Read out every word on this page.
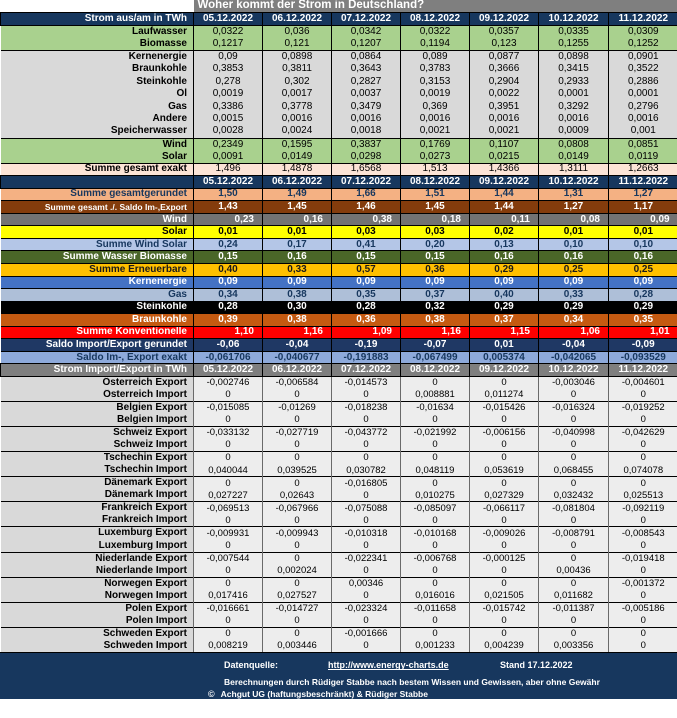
	Woher kommt der Strom in Deutschland?						
Strom aus/am in TWh	05.12.2022	06.12.2022	07.12.2022	08.12.2022	09.12.2022	10.12.2022	11.12.2022
Laufwasser	0,0322	0,036	0,0342	0,0322	0,0357	0,0335	0,0309
Biomasse	0,1217	0,121	0,1207	0,1194	0,123	0,1255	0,1252
Kernenergie	0,09	0,0898	0,0864	0,089	0,0877	0,0898	0,0901
Braunkohle	0,3853	0,3811	0,3643	0,3783	0,3666	0,3415	0,3522
Steinkohle	0,278	0,302	0,2827	0,3153	0,2904	0,2933	0,2886
Öl	0,0019	0,0017	0,0037	0,0019	0,0022	0,0001	0,0001
Gas	0,3386	0,3778	0,3479	0,369	0,3951	0,3292	0,2796
Andere	0,0015	0,0016	0,0016	0,0016	0,0016	0,0016	0,0016
Speicherwasser	0,0028	0,0024	0,0018	0,0021	0,0021	0,0009	0,001
Wind	0,2349	0,1595	0,3837	0,1769	0,1107	0,0808	0,0851
Solar	0,0091	0,0149	0,0298	0,0273	0,0215	0,0149	0,0119
Summe gesamt exakt	1,496	1,4878	1,6568	1,513	1,4366	1,3111	1,2663
	05.12.2022	06.12.2022	07.12.2022	08.12.2022	09.12.2022	10.12.2022	11.12.2022
Summe gesamtgerundet	1,50	1,49	1,66	1,51	1,44	1,31	1,27
Summe gesamt ./. Saldo Im-,Export	1,43	1,45	1,46	1,45	1,44	1,27	1,17
Wind	0,23	0,16	0,38	0,18	0,11	0,08	0,09
Solar	0,01	0,01	0,03	0,03	0,02	0,01	0,01
Summe Wind Solar	0,24	0,17	0,41	0,20	0,13	0,10	0,10
Summe Wasser Biomasse	0,15	0,16	0,15	0,15	0,16	0,16	0,16
Summe Erneuerbare	0,40	0,33	0,57	0,36	0,29	0,25	0,25
Kernenergie	0,09	0,09	0,09	0,09	0,09	0,09	0,09
Gas	0,34	0,38	0,35	0,37	0,40	0,33	0,28
Steinkohle	0,28	0,30	0,28	0,32	0,29	0,29	0,29
Braunkohle	0,39	0,38	0,36	0,38	0,37	0,34	0,35
Summe Konventionelle	1,10	1,16	1,09	1,16	1,15	1,06	1,01
Saldo Import/Export gerundet	-0,06	-0,04	-0,19	-0,07	0,01	-0,04	-0,09
Saldo Im-, Export exakt	-0,061706	-0,040677	-0,191883	-0,067499	0,005374	-0,042065	-0,093529
Strom Import/Export in TWh	05.12.2022	06.12.2022	07.12.2022	08.12.2022	09.12.2022	10.12.2022	11.12.2022
Österreich Export	-0,002746	-0,006584	-0,014573	0	0	-0,003046	-0,004601
Österreich Import	0	0	0	0,008881	0,011274	0	0
Belgien Export	-0,015085	-0,01269	-0,018238	-0,01634	-0,015426	-0,016324	-0,019252
Belgien Import	0	0	0	0	0	0	0
Schweiz Export	-0,033132	-0,027719	-0,043772	-0,021992	-0,006156	-0,040998	-0,042629
Schweiz Import	0	0	0	0	0	0	0
Tschechin Export	0	0	0	0	0	0	0
Tschechin Import	0,040044	0,039525	0,030782	0,048119	0,053619	0,068455	0,074078
Dänemark Export	0	0	-0,016805	0	0	0	0
Dänemark Import	0,027227	0,02643	0	0,010275	0,027329	0,032432	0,025513
Frankreich Export	-0,069513	-0,067966	-0,075088	-0,085097	-0,066117	-0,081804	-0,092119
Frankreich Import	0	0	0	0	0	0	0
Luxemburg Export	-0,009931	-0,009943	-0,010318	-0,010168	-0,009026	-0,008791	-0,008543
Luxemburg Import	0	0	0	0	0	0	0
Niederlande Export	-0,007544	0	-0,022341	-0,006768	-0,000125	0	-0,019418
Niederlande Import	0	0,002024	0	0	0	0,00436	0
Norwegen Export	0	0	0,00346	0	0	0	-0,001372
Norwegen Import	0,017416	0,027527	0	0,016016	0,021505	0,011682	0
Polen Export	-0,016661	-0,014727	-0,023324	-0,011658	-0,015742	-0,011387	-0,005186
Polen Import	0	0	0	0	0	0	0
Schweden Export	0	0	-0,001666	0	0	0	0
Schweden Import	0,008219	0,003446	0	0,001233	0,004239	0,003356	0
Datenquelle:	http://www.energy-charts.de	Stand 17.12.2022
Berechnungen durch Rüdiger Stabbe nach bestem Wissen und Gewissen, aber ohne Gewähr
© Achgut UG (haftungsbeschränkt) & Rüdiger Stabbe
